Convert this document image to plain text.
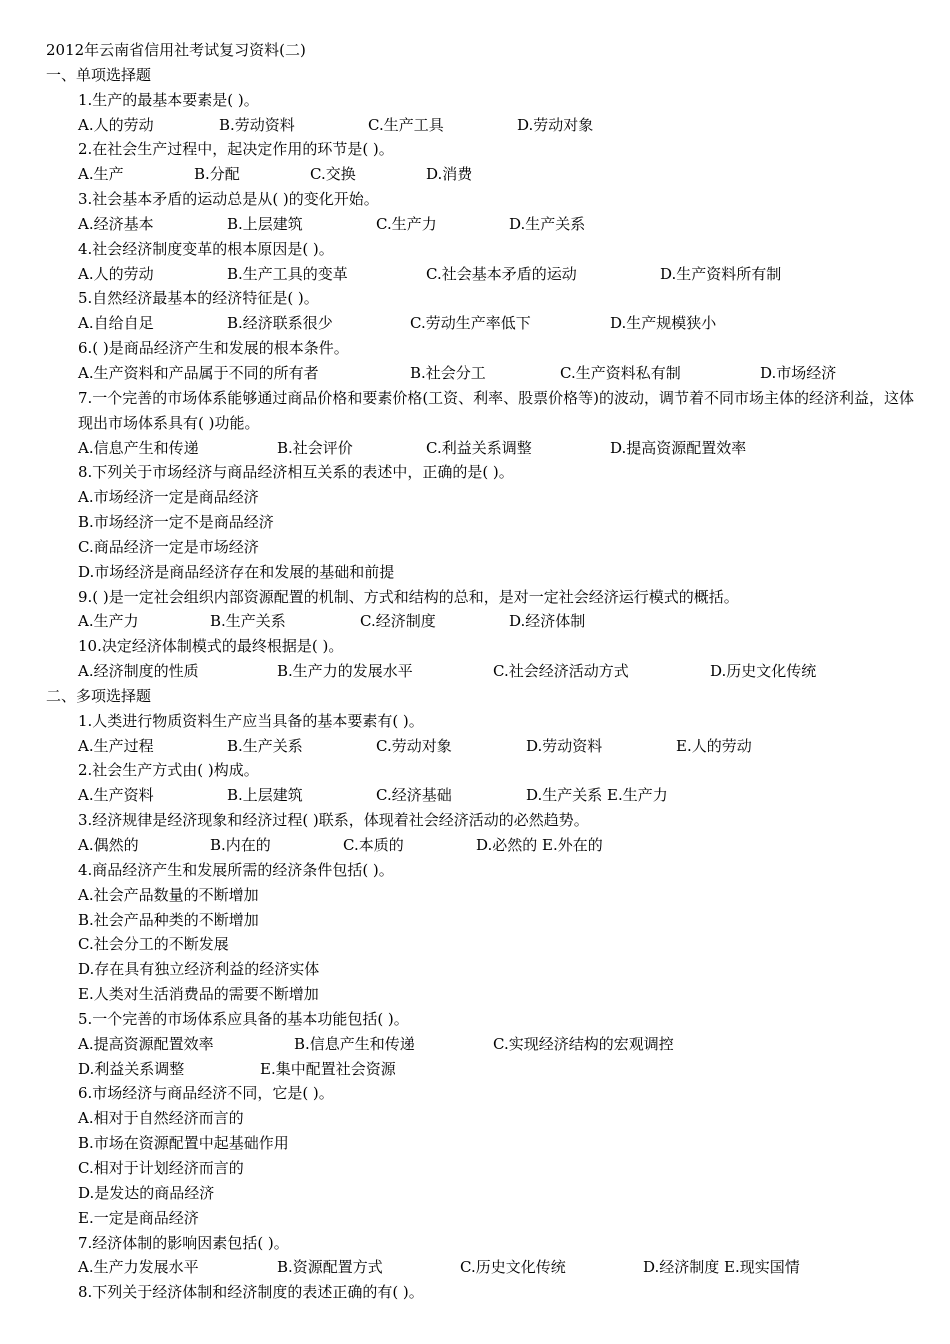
2012年云南省信用社考试复习资料(二)
一、单项选择题
1.生产的最基本要素是( )。
A.人的劳动	B.劳动资料	C.生产工具	D.劳动对象
2.在社会生产过程中，起决定作用的环节是( )。
A.生产	B.分配	C.交换	D.消费
3.社会基本矛盾的运动总是从( )的变化开始。
A.经济基本	B.上层建筑	C.生产力	D.生产关系
4.社会经济制度变革的根本原因是( )。
A.人的劳动	B.生产工具的变革	C.社会基本矛盾的运动	D.生产资料所有制
5.自然经济最基本的经济特征是( )。
A.自给自足	B.经济联系很少	C.劳动生产率低下	D.生产规模狭小
6.( )是商品经济产生和发展的根本条件。
A.生产资料和产品属于不同的所有者	B.社会分工	C.生产资料私有制	D.市场经济
7.一个完善的市场体系能够通过商品价格和要素价格(工资、利率、股票价格等)的波动，调节着不同市场主体的经济利益，这体现出市场体系具有( )功能。
A.信息产生和传递	B.社会评价	C.利益关系调整	D.提高资源配置效率
8.下列关于市场经济与商品经济相互关系的表述中，正确的是( )。
A.市场经济一定是商品经济
B.市场经济一定不是商品经济
C.商品经济一定是市场经济
D.市场经济是商品经济存在和发展的基础和前提
9.( )是一定社会组织内部资源配置的机制、方式和结构的总和，是对一定社会经济运行模式的概括。
A.生产力	B.生产关系	C.经济制度	D.经济体制
10.决定经济体制模式的最终根据是( )。
A.经济制度的性质	B.生产力的发展水平	C.社会经济活动方式	D.历史文化传统
二、多项选择题
1.人类进行物质资料生产应当具备的基本要素有( )。
A.生产过程	B.生产关系	C.劳动对象	D.劳动资料	E.人的劳动
2.社会生产方式由( )构成。
A.生产资料	B.上层建筑	C.经济基础	D.生产关系 E.生产力
3.经济规律是经济现象和经济过程( )联系，体现着社会经济活动的必然趋势。
A.偶然的	B.内在的	C.本质的	D.必然的 E.外在的
4.商品经济产生和发展所需的经济条件包括( )。
A.社会产品数量的不断增加
B.社会产品种类的不断增加
C.社会分工的不断发展
D.存在具有独立经济利益的经济实体
E.人类对生活消费品的需要不断增加
5.一个完善的市场体系应具备的基本功能包括( )。
A.提高资源配置效率	B.信息产生和传递	C.实现经济结构的宏观调控
D.利益关系调整	E.集中配置社会资源
6.市场经济与商品经济不同，它是( )。
A.相对于自然经济而言的
B.市场在资源配置中起基础作用
C.相对于计划经济而言的
D.是发达的商品经济
E.一定是商品经济
7.经济体制的影响因素包括( )。
A.生产力发展水平	B.资源配置方式	C.历史文化传统	D.经济制度 E.现实国情
8.下列关于经济体制和经济制度的表述正确的有( )。
